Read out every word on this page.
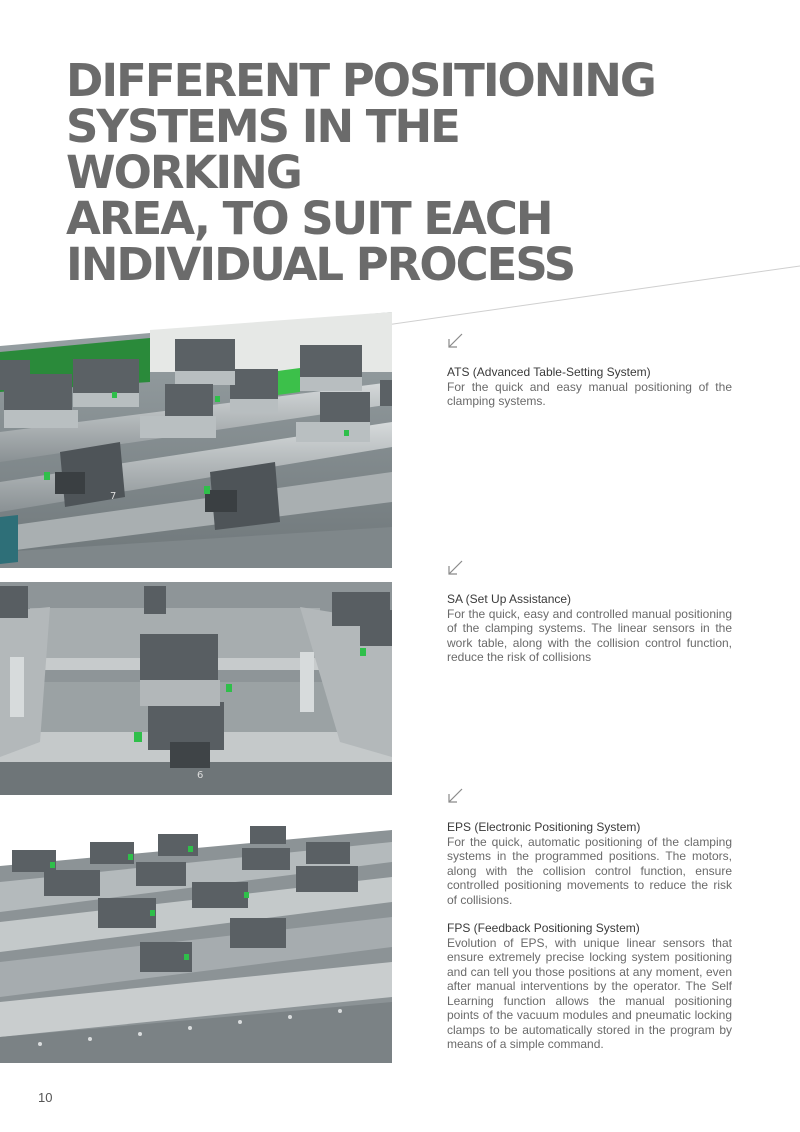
DIFFERENT POSITIONING
SYSTEMS IN THE WORKING
AREA, TO SUIT EACH
INDIVIDUAL PROCESS
7

ATS (Advanced Table-Setting System)

For the quick and easy manual positioning of the clamping systems.

6

SA (Set Up Assistance)

For the quick, easy and controlled manual positioning of the clamping systems. The linear sensors in the work table, along with the collision control function, reduce the risk of collisions

EPS (Electronic Positioning System)

For the quick, automatic positioning of the clamping systems in the programmed positions. The motors, along with the collision control function, ensure controlled positioning movements to reduce the risk of collisions.

FPS (Feedback Positioning System)

Evolution of EPS, with unique linear sensors that ensure extremely precise locking system positioning and can tell you those positions at any moment, even after manual interventions by the operator. The Self Learning function allows the manual positioning points of the vacuum modules and pneumatic locking clamps to be automatically stored in the program by means of a simple command.

10
